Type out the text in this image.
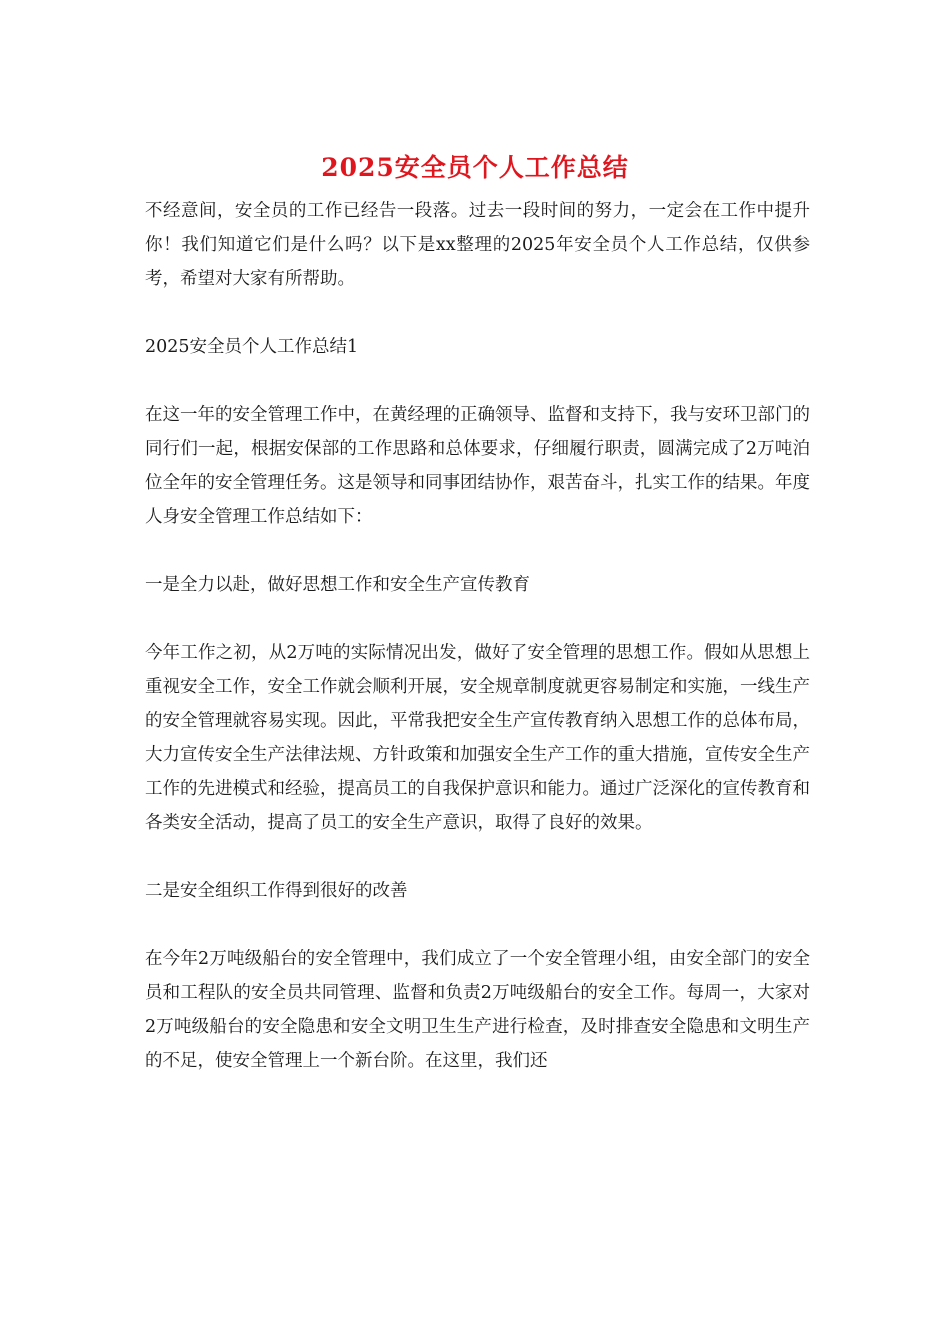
2025安全员个人工作总结

不经意间，安全员的工作已经告一段落。过去一段时间的努力，一定会在工作中提升你！我们知道它们是什么吗？以下是xx整理的2025年安全员个人工作总结，仅供参考，希望对大家有所帮助。

2025安全员个人工作总结1

在这一年的安全管理工作中，在黄经理的正确领导、监督和支持下，我与安环卫部门的同行们一起，根据安保部的工作思路和总体要求，仔细履行职责，圆满完成了2万吨泊位全年的安全管理任务。这是领导和同事团结协作，艰苦奋斗，扎实工作的结果。年度人身安全管理工作总结如下：

一是全力以赴，做好思想工作和安全生产宣传教育

今年工作之初，从2万吨的实际情况出发，做好了安全管理的思想工作。假如从思想上重视安全工作，安全工作就会顺利开展，安全规章制度就更容易制定和实施，一线生产的安全管理就容易实现。因此，平常我把安全生产宣传教育纳入思想工作的总体布局，大力宣传安全生产法律法规、方针政策和加强安全生产工作的重大措施，宣传安全生产工作的先进模式和经验，提高员工的自我保护意识和能力。通过广泛深化的宣传教育和各类安全活动，提高了员工的安全生产意识，取得了良好的效果。

二是安全组织工作得到很好的改善

在今年2万吨级船台的安全管理中，我们成立了一个安全管理小组，由安全部门的安全员和工程队的安全员共同管理、监督和负责2万吨级船台的安全工作。每周一，大家对2万吨级船台的安全隐患和安全文明卫生生产进行检查，及时排查安全隐患和文明生产的不足，使安全管理上一个新台阶。在这里，我们还
